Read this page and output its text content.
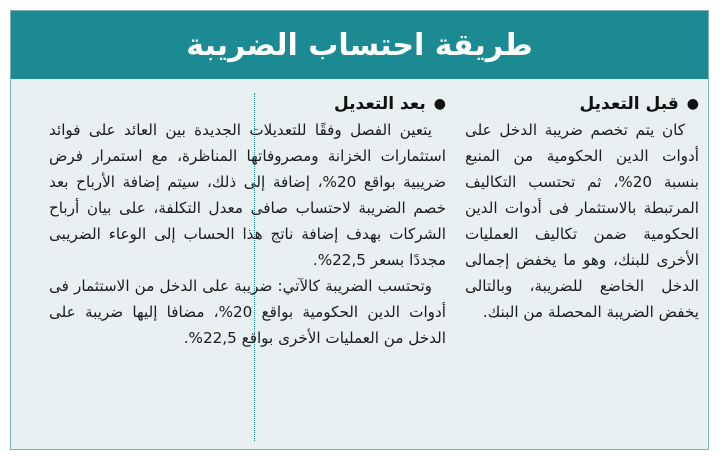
طريقة احتساب الضريبة
●
قبل التعديل

كان يتم تخصم ضريبة الدخل على أدوات الدين الحكومية من المنبع بنسبة 20%، ثم تحتسب التكاليف المرتبطة بالاستثمار فى أدوات الدين الحكومية ضمن تكاليف العمليات الأخرى للبنك، وهو ما يخفض إجمالى الدخل الخاضع للضريبة، وبالتالى يخفض الضريبة المحصلة من البنك.

●
بعد التعديل

يتعين الفصل وفقًا للتعديلات الجديدة بين العائد على فوائد استثمارات الخزانة ومصروفاتها المناظرة، مع استمرار فرض ضريبية بواقع 20%، إضافة إلى ذلك، سيتم إضافة الأرباح بعد خصم الضريبة لاحتساب صافى معدل التكلفة، على بيان أرباح الشركات بهدف إضافة ناتج هذا الحساب إلى الوعاء الضريبى مجددًا بسعر 22,5%.

وتحتسب الضريبة كالآتي: ضريبة على الدخل من الاستثمار فى أدوات الدين الحكومية بواقع 20%، مضافا إليها ضريبة على الدخل من العمليات الأخرى بواقع 22,5%.
